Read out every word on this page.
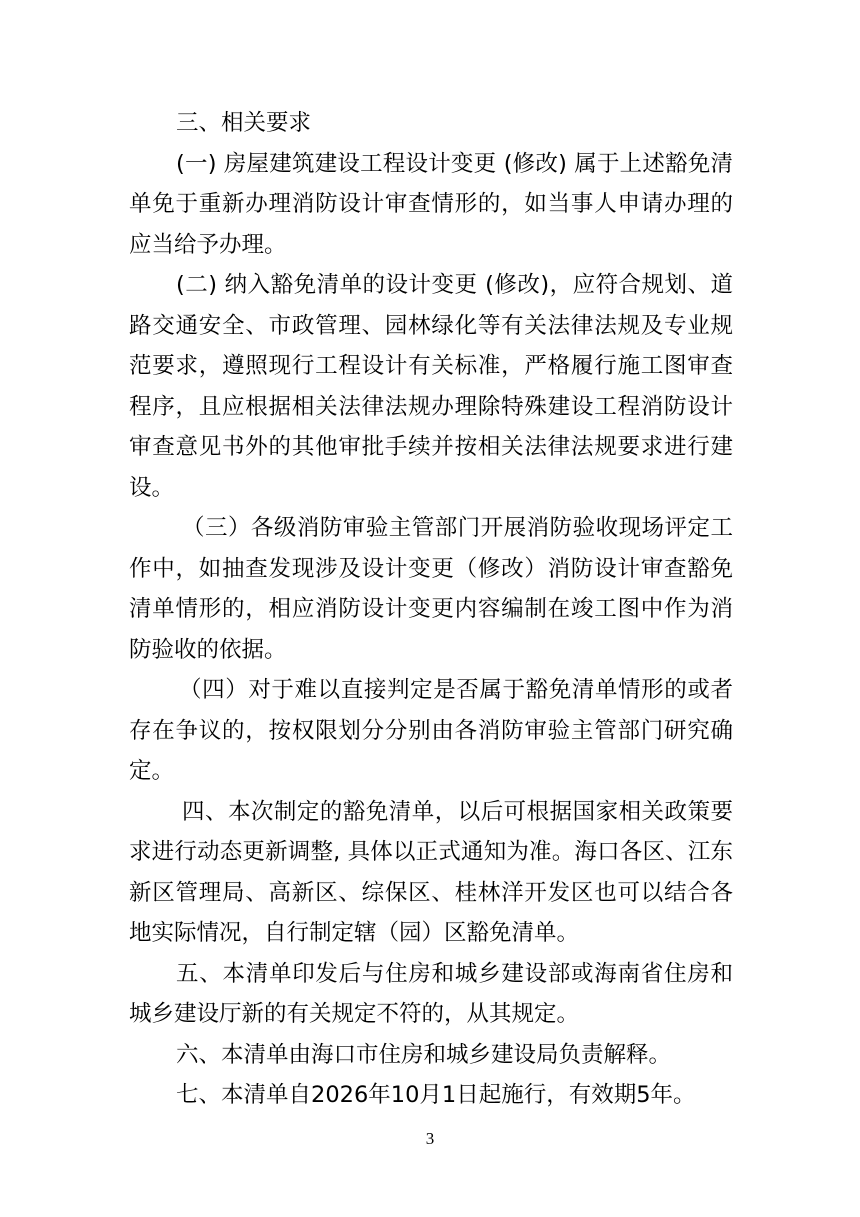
三、相关要求

(一) 房屋建筑建设工程设计变更 (修改) 属于上述豁免清单免于重新办理消防设计审查情形的，如当事人申请办理的应当给予办理。

(二) 纳入豁免清单的设计变更 (修改)，应符合规划、道路交通安全、市政管理、园林绿化等有关法律法规及专业规范要求，遵照现行工程设计有关标准，严格履行施工图审查程序，且应根据相关法律法规办理除特殊建设工程消防设计审查意见书外的其他审批手续并按相关法律法规要求进行建设。

（三）各级消防审验主管部门开展消防验收现场评定工作中，如抽查发现涉及设计变更（修改）消防设计审查豁免清单情形的，相应消防设计变更内容编制在竣工图中作为消防验收的依据。

（四）对于难以直接判定是否属于豁免清单情形的或者存在争议的，按权限划分分别由各消防审验主管部门研究确定。

四、本次制定的豁免清单，以后可根据国家相关政策要求进行动态更新调整, 具体以正式通知为准。海口各区、江东新区管理局、高新区、综保区、桂林洋开发区也可以结合各地实际情况，自行制定辖（园）区豁免清单。

五、本清单印发后与住房和城乡建设部或海南省住房和城乡建设厅新的有关规定不符的，从其规定。

六、本清单由海口市住房和城乡建设局负责解释。

七、本清单自2026年10月1日起施行，有效期5年。

3
